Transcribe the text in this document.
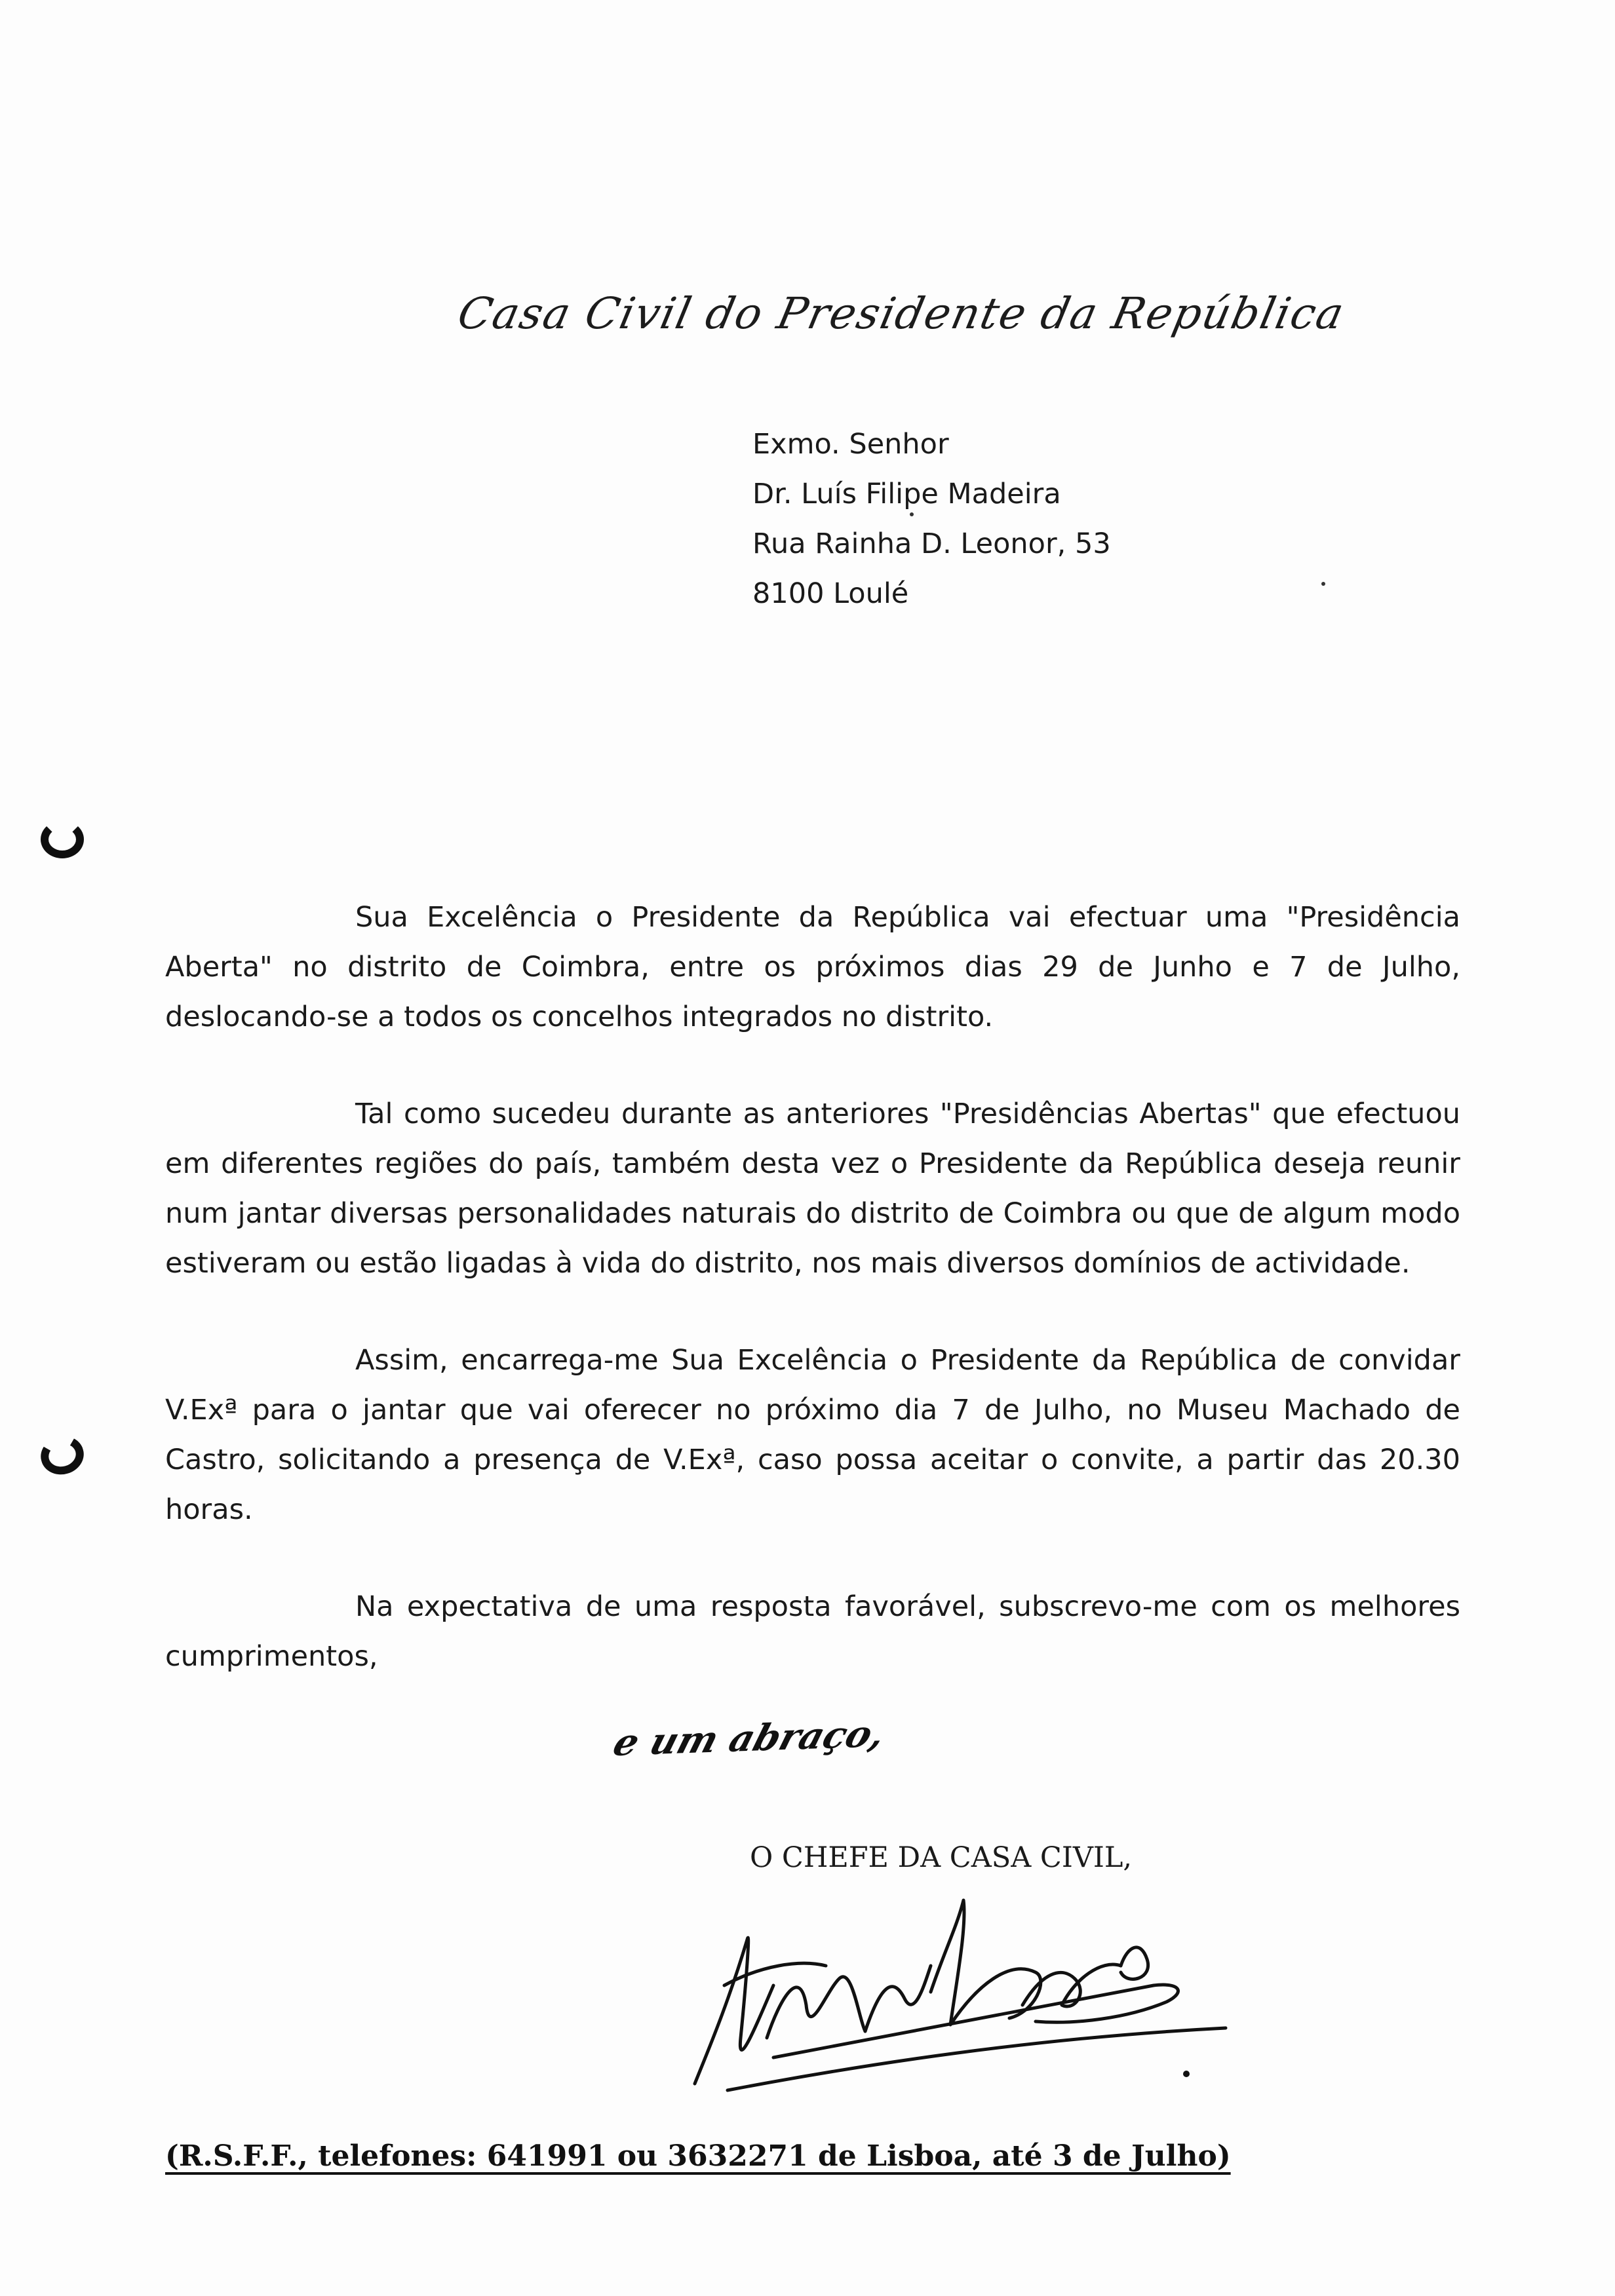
Casa Civil do Presidente da República
Exmo. Senhor
Dr. Luís Filipe Madeira
Rua Rainha D. Leonor, 53
8100 Loulé

Sua Excelência o Presidente da República vai efectuar uma "Presidência Aberta" no distrito de Coimbra, entre os próximos dias 29 de Junho e 7 de Julho, deslocando-se a todos os concelhos integrados no distrito.

Tal como sucedeu durante as anteriores "Presidências Abertas" que efectuou em diferentes regiões do país, também desta vez o Presidente da República deseja reunir num jantar diversas personalidades naturais do distrito de Coimbra ou que de algum modo estiveram ou estão ligadas à vida do distrito, nos mais diversos domínios de actividade.

Assim, encarrega-me Sua Excelência o Presidente da República de convidar V.Exª para o jantar que vai oferecer no próximo dia 7 de Julho, no Museu Machado de Castro, solicitando a presença de V.Exª, caso possa aceitar o convite, a partir das 20.30 horas.

Na expectativa de uma resposta favorável, subscrevo-me com os melhores cumprimentos,

e um abraço,
O CHEFE DA CASA CIVIL,
(R.S.F.F., telefones: 641991 ou 3632271 de Lisboa, até 3 de Julho)
